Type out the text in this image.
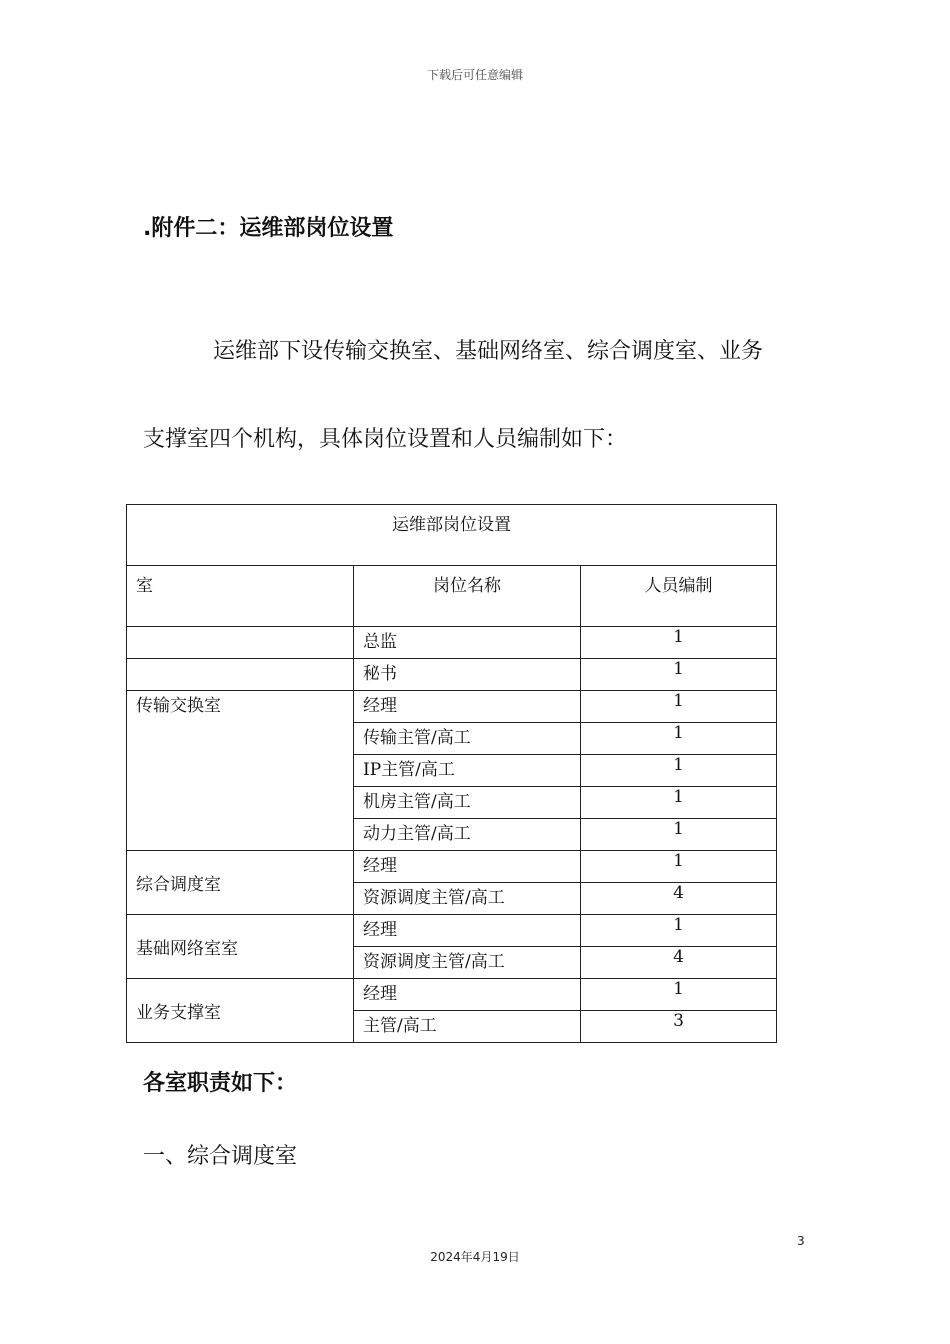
下载后可任意编辑
.附件二：运维部岗位设置
运维部下设传输交换室、基础网络室、综合调度室、业务
支撑室四个机构，具体岗位设置和人员编制如下：
运维部岗位设置		
室	岗位名称	人员编制
	总监	1
	秘书	1
传输交换室	经理	1
	传输主管/高工	1
	IP主管/高工	1
	机房主管/高工	1
	动力主管/高工	1
综合调度室	经理	1
	资源调度主管/高工	4
基础网络室室	经理	1
	资源调度主管/高工	4
业务支撑室	经理	1
	主管/高工	3
各室职责如下：
一、综合调度室
3
2024年4月19日
